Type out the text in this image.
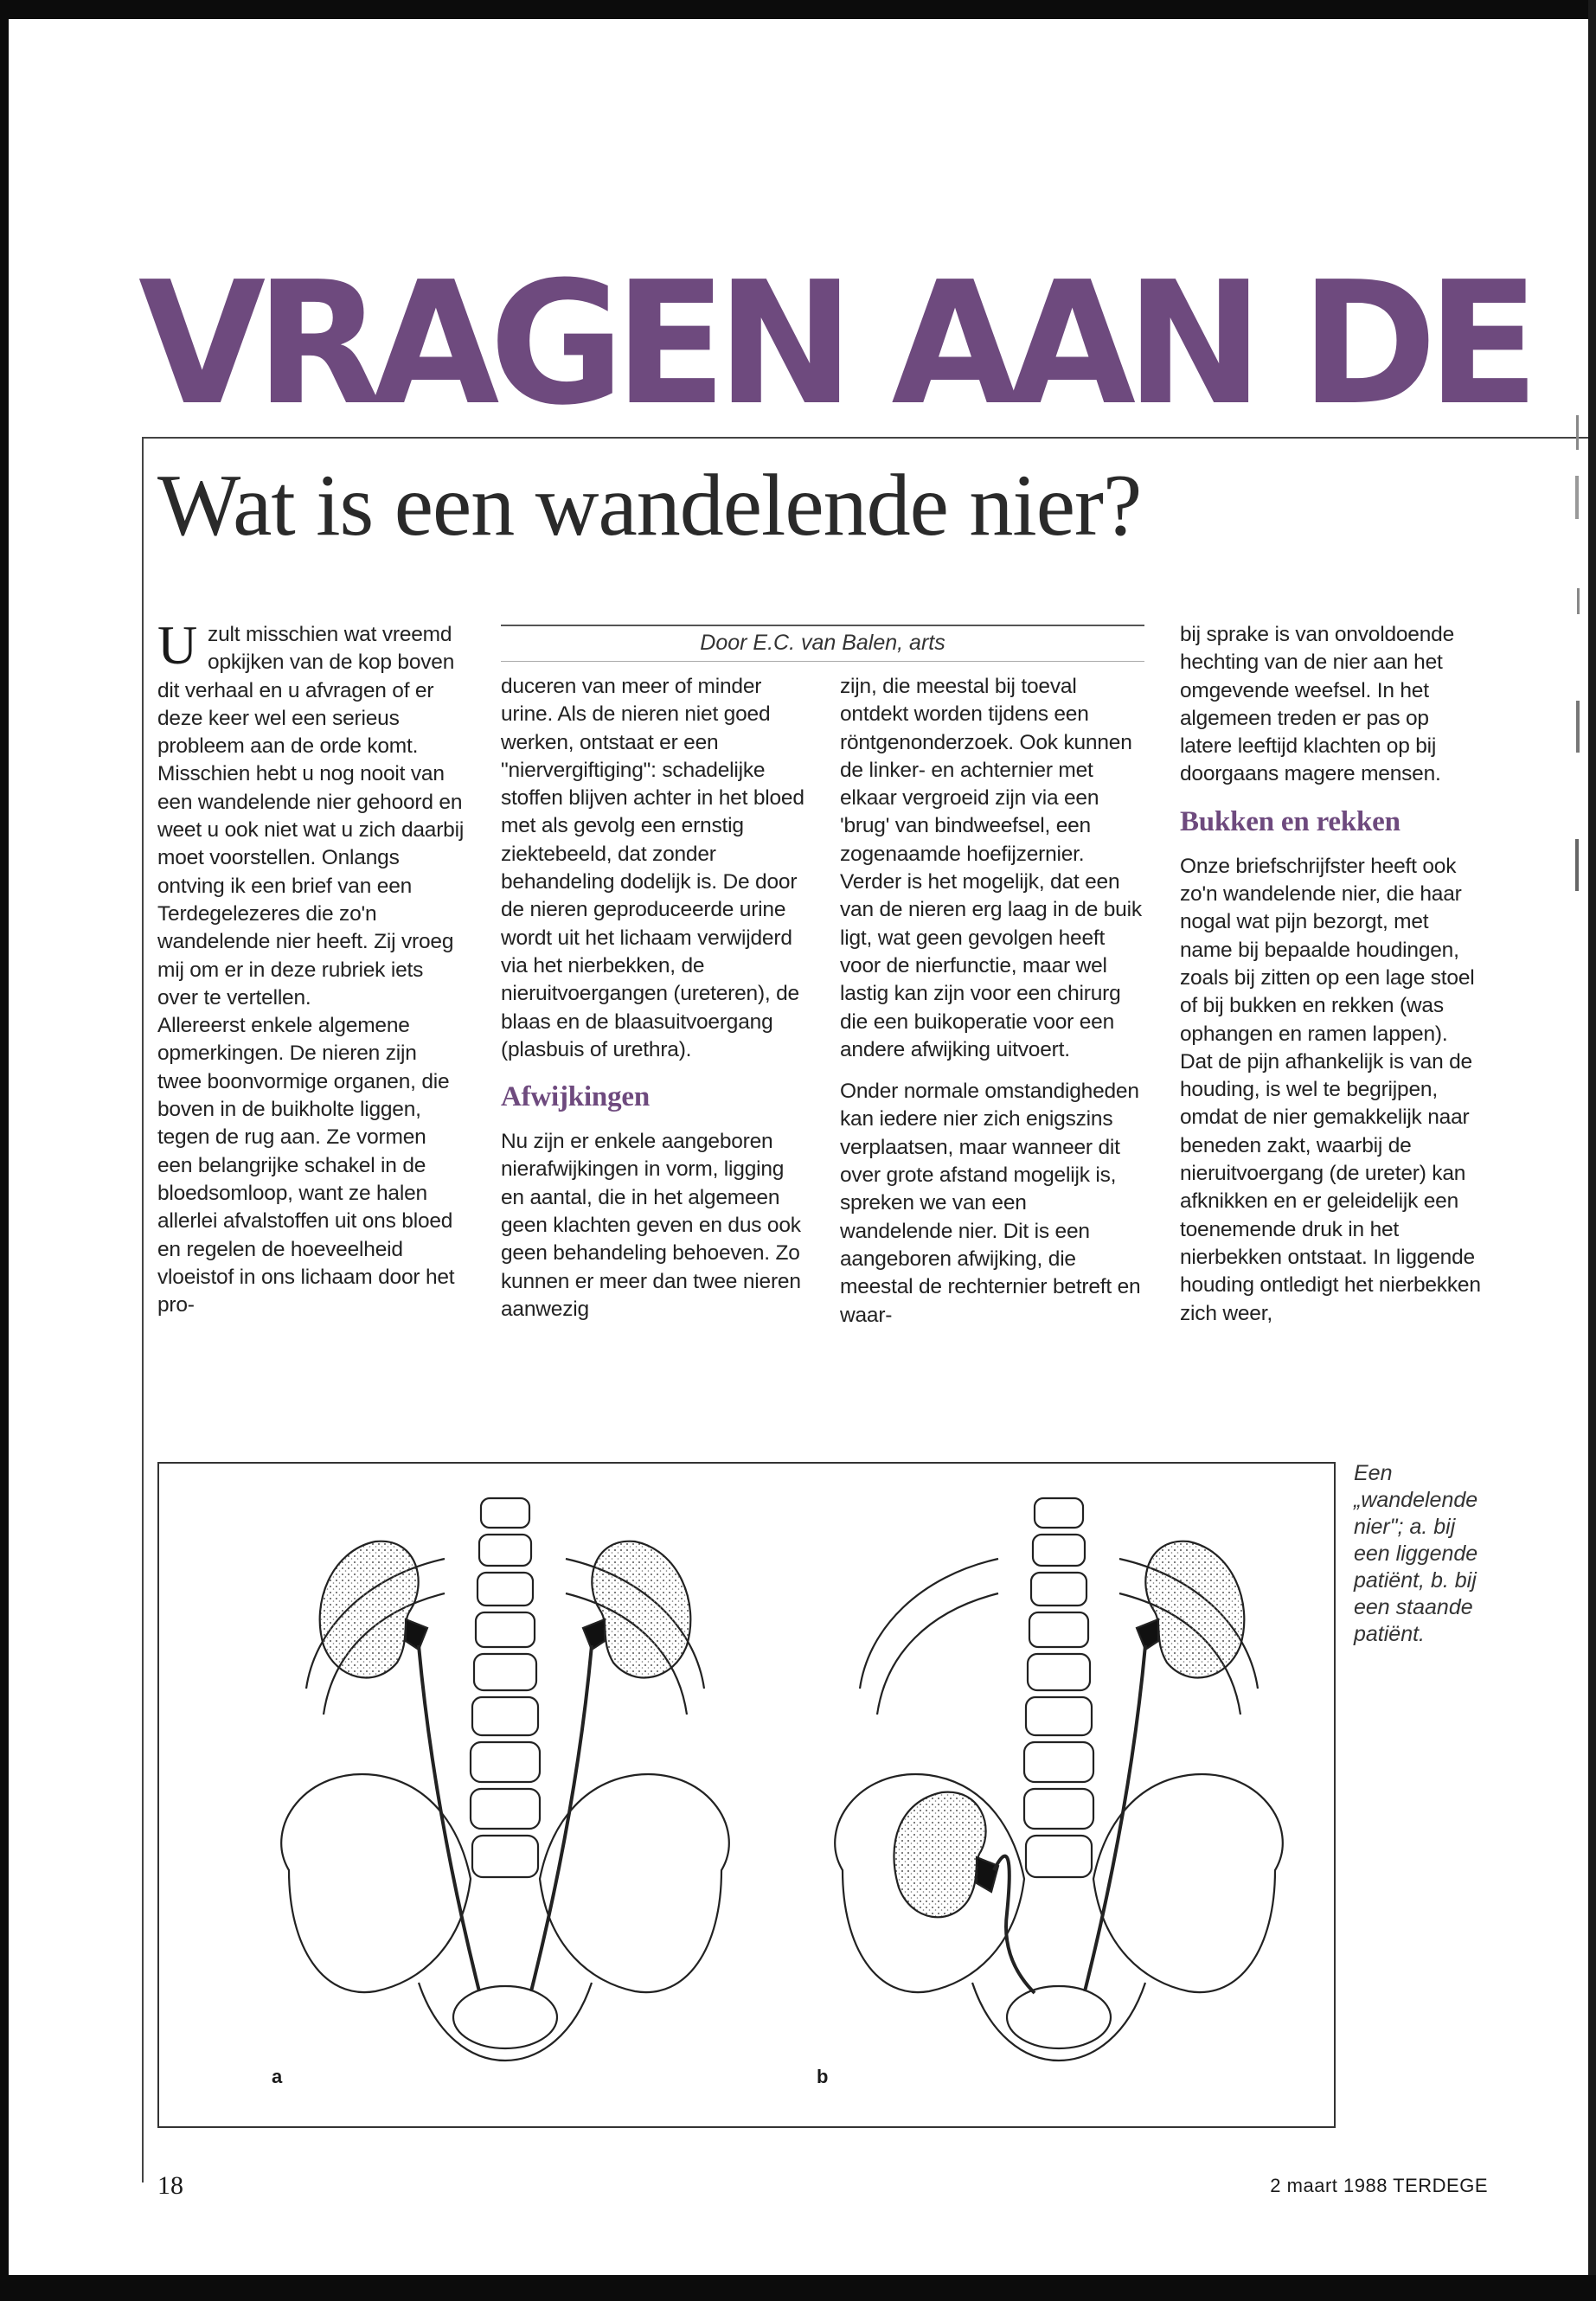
VRAGEN AAN DE
Wat is een wandelende nier?
Door E.C. van Balen, arts

Uzult misschien wat vreemd opkijken van de kop boven dit verhaal en u afvragen of er deze keer wel een serieus probleem aan de orde komt. Misschien hebt u nog nooit van een wandelende nier gehoord en weet u ook niet wat u zich daarbij moet voorstellen. Onlangs ontving ik een brief van een Terdegelezeres die zo'n wandelende nier heeft. Zij vroeg mij om er in deze rubriek iets over te vertellen.

Allereerst enkele algemene opmerkingen. De nieren zijn twee boonvormige organen, die boven in de buikholte liggen, tegen de rug aan. Ze vormen een belangrijke schakel in de bloedsomloop, want ze halen allerlei afvalstoffen uit ons bloed en regelen de hoeveelheid vloeistof in ons lichaam door het pro-

duceren van meer of minder urine. Als de nieren niet goed werken, ontstaat er een "niervergiftiging": schadelijke stoffen blijven achter in het bloed met als gevolg een ernstig ziektebeeld, dat zonder behandeling dodelijk is. De door de nieren geproduceerde urine wordt uit het lichaam verwijderd via het nierbekken, de nieruitvoergangen (ureteren), de blaas en de blaasuitvoergang (plasbuis of urethra).

Afwijkingen

Nu zijn er enkele aangeboren nierafwijkingen in vorm, ligging en aantal, die in het algemeen geen klachten geven en dus ook geen behandeling behoeven. Zo kunnen er meer dan twee nieren aanwezig

zijn, die meestal bij toeval ontdekt worden tijdens een röntgenonderzoek. Ook kunnen de linker- en achternier met elkaar vergroeid zijn via een 'brug' van bindweefsel, een zogenaamde hoefijzernier.

Verder is het mogelijk, dat een van de nieren erg laag in de buik ligt, wat geen gevolgen heeft voor de nierfunctie, maar wel lastig kan zijn voor een chirurg die een buikoperatie voor een andere afwijking uitvoert.

Onder normale omstandigheden kan iedere nier zich enigszins verplaatsen, maar wanneer dit over grote afstand mogelijk is, spreken we van een wandelende nier. Dit is een aangeboren afwijking, die meestal de rechternier betreft en waar-

bij sprake is van onvoldoende hechting van de nier aan het omgevende weefsel. In het algemeen treden er pas op latere leeftijd klachten op bij doorgaans magere mensen.

Bukken en rekken

Onze briefschrijfster heeft ook zo'n wandelende nier, die haar nogal wat pijn bezorgt, met name bij bepaalde houdingen, zoals bij zitten op een lage stoel of bij bukken en rekken (was ophangen en ramen lappen). Dat de pijn afhankelijk is van de houding, is wel te begrijpen, omdat de nier gemakkelijk naar beneden zakt, waarbij de nieruitvoergang (de ureter) kan afknikken en er geleidelijk een toenemende druk in het nierbekken ontstaat. In liggende houding ontledigt het nierbekken zich weer,

a	b
Een „wandelende nier"; a. bij een liggende patiënt, b. bij een staande patiënt.
18	2 maart 1988 TERDEGE
